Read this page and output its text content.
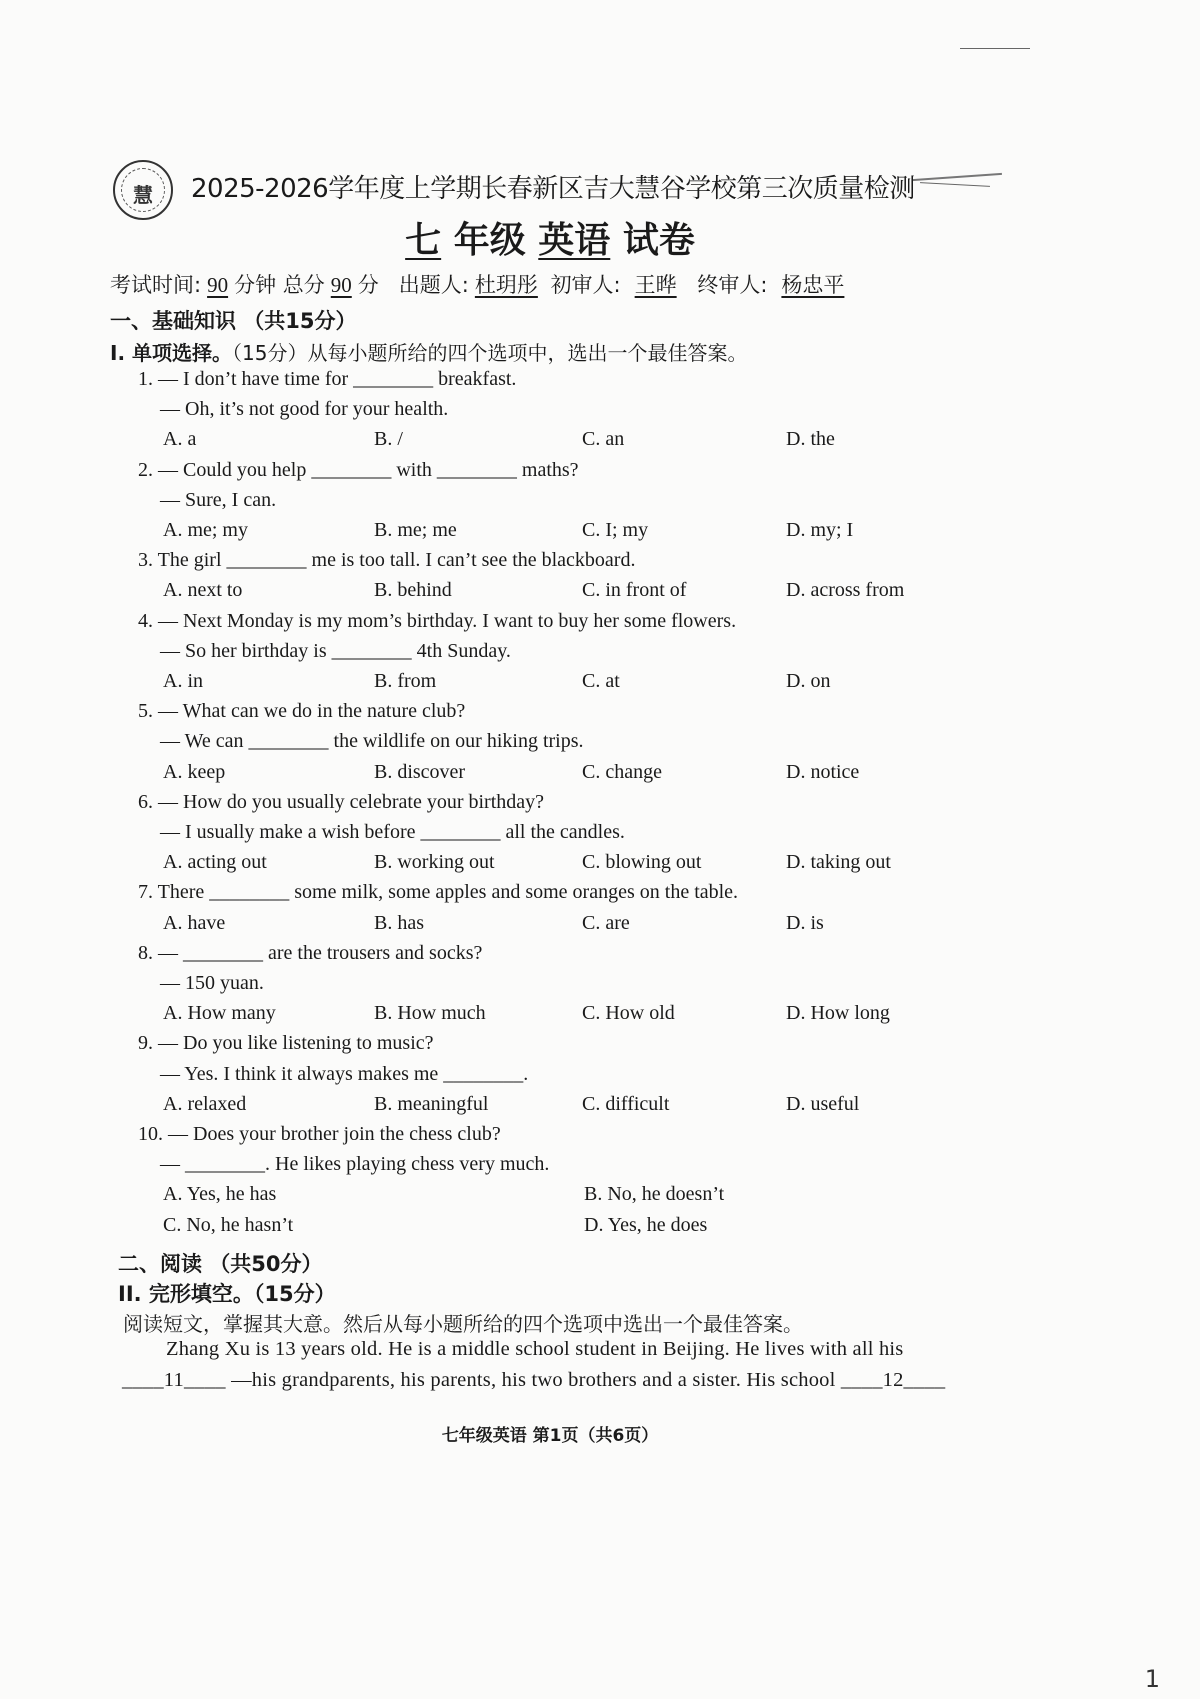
慧	2025-2026学年度上学期长春新区吉大慧谷学校第三次质量检测
七 年级 英语 试卷
考试时间: 90 分钟 总分 90 分 出题人: 杜玥彤 初审人: 王晔 终审人: 杨忠平
一、基础知识 （共15分）
I. 单项选择。（15分）从每小题所给的四个选项中，选出一个最佳答案。
1. — I don’t have time for ________ breakfast.
— Oh, it’s not good for your health.
A. a	B. /	C. an	D. the
2. — Could you help ________ with ________ maths?
— Sure, I can.
A. me; my	B. me; me	C. I; my	D. my; I
3. The girl ________ me is too tall. I can’t see the blackboard.
A. next to	B. behind	C. in front of	D. across from
4. — Next Monday is my mom’s birthday. I want to buy her some flowers.
— So her birthday is ________ 4th Sunday.
A. in	B. from	C. at	D. on
5. — What can we do in the nature club?
— We can ________ the wildlife on our hiking trips.
A. keep	B. discover	C. change	D. notice
6. — How do you usually celebrate your birthday?
— I usually make a wish before ________ all the candles.
A. acting out	B. working out	C. blowing out	D. taking out
7. There ________ some milk, some apples and some oranges on the table.
A. have	B. has	C. are	D. is
8. — ________ are the trousers and socks?
— 150 yuan.
A. How many	B. How much	C. How old	D. How long
9. — Do you like listening to music?
— Yes. I think it always makes me ________.
A. relaxed	B. meaningful	C. difficult	D. useful
10. — Does your brother join the chess club?
— ________. He likes playing chess very much.
A. Yes, he has	B. No, he doesn’t
C. No, he hasn’t	D. Yes, he does
二、阅读 （共50分）
II. 完形填空。（15分）
阅读短文，掌握其大意。然后从每小题所给的四个选项中选出一个最佳答案。
Zhang Xu is 13 years old. He is a middle school student in Beijing. He lives with all his
____11____ —his grandparents, his parents, his two brothers and a sister. His school ____12____
七年级英语 第1页（共6页）
1
